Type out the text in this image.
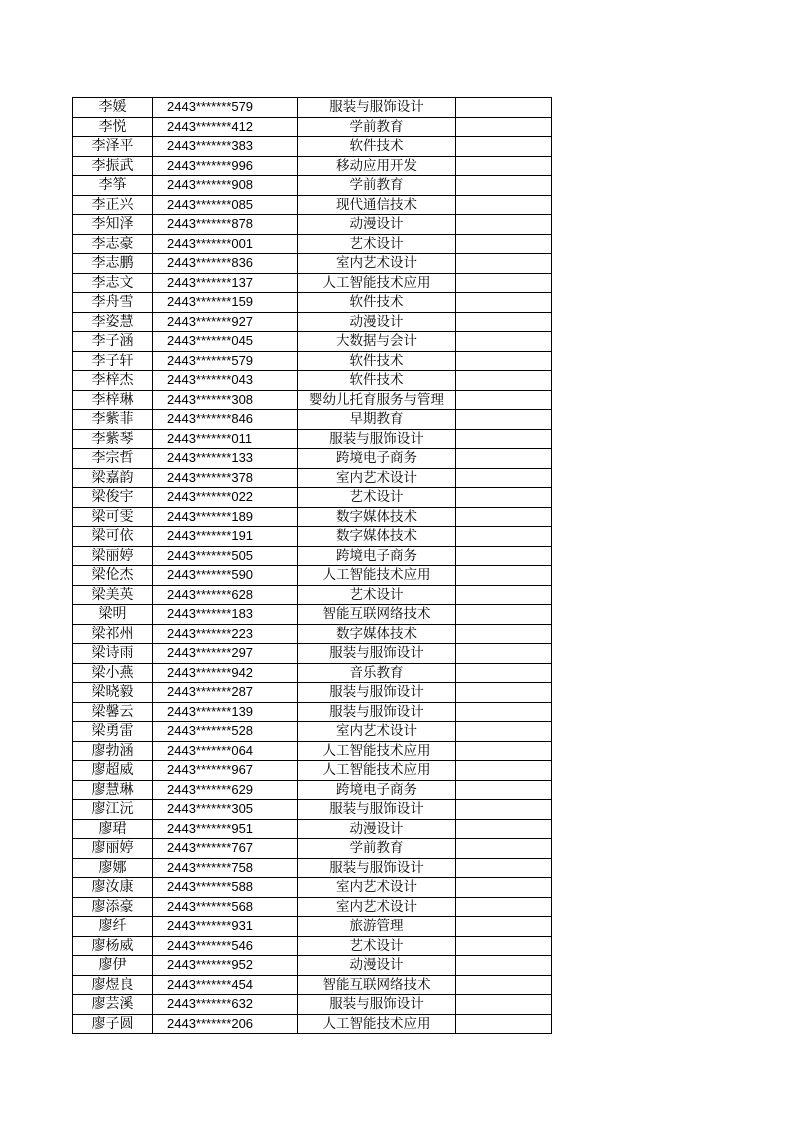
李媛	2443*******579	服装与服饰设计	
李悦	2443*******412	学前教育	
李泽平	2443*******383	软件技术	
李振武	2443*******996	移动应用开发	
李筝	2443*******908	学前教育	
李正兴	2443*******085	现代通信技术	
李知泽	2443*******878	动漫设计	
李志豪	2443*******001	艺术设计	
李志鹏	2443*******836	室内艺术设计	
李志文	2443*******137	人工智能技术应用	
李舟雪	2443*******159	软件技术	
李姿慧	2443*******927	动漫设计	
李子涵	2443*******045	大数据与会计	
李子轩	2443*******579	软件技术	
李梓杰	2443*******043	软件技术	
李梓琳	2443*******308	婴幼儿托育服务与管理	
李紫菲	2443*******846	早期教育	
李紫琴	2443*******011	服装与服饰设计	
李宗哲	2443*******133	跨境电子商务	
梁嘉韵	2443*******378	室内艺术设计	
梁俊宇	2443*******022	艺术设计	
梁可雯	2443*******189	数字媒体技术	
梁可依	2443*******191	数字媒体技术	
梁丽婷	2443*******505	跨境电子商务	
梁伦杰	2443*******590	人工智能技术应用	
梁美英	2443*******628	艺术设计	
梁明	2443*******183	智能互联网络技术	
梁祁州	2443*******223	数字媒体技术	
梁诗雨	2443*******297	服装与服饰设计	
梁小燕	2443*******942	音乐教育	
梁晓毅	2443*******287	服装与服饰设计	
梁馨云	2443*******139	服装与服饰设计	
梁勇雷	2443*******528	室内艺术设计	
廖勃涵	2443*******064	人工智能技术应用	
廖超威	2443*******967	人工智能技术应用	
廖慧琳	2443*******629	跨境电子商务	
廖江沅	2443*******305	服装与服饰设计	
廖珺	2443*******951	动漫设计	
廖丽婷	2443*******767	学前教育	
廖娜	2443*******758	服装与服饰设计	
廖汝康	2443*******588	室内艺术设计	
廖添豪	2443*******568	室内艺术设计	
廖纤	2443*******931	旅游管理	
廖杨威	2443*******546	艺术设计	
廖伊	2443*******952	动漫设计	
廖煜良	2443*******454	智能互联网络技术	
廖芸溪	2443*******632	服装与服饰设计	
廖子圆	2443*******206	人工智能技术应用	
